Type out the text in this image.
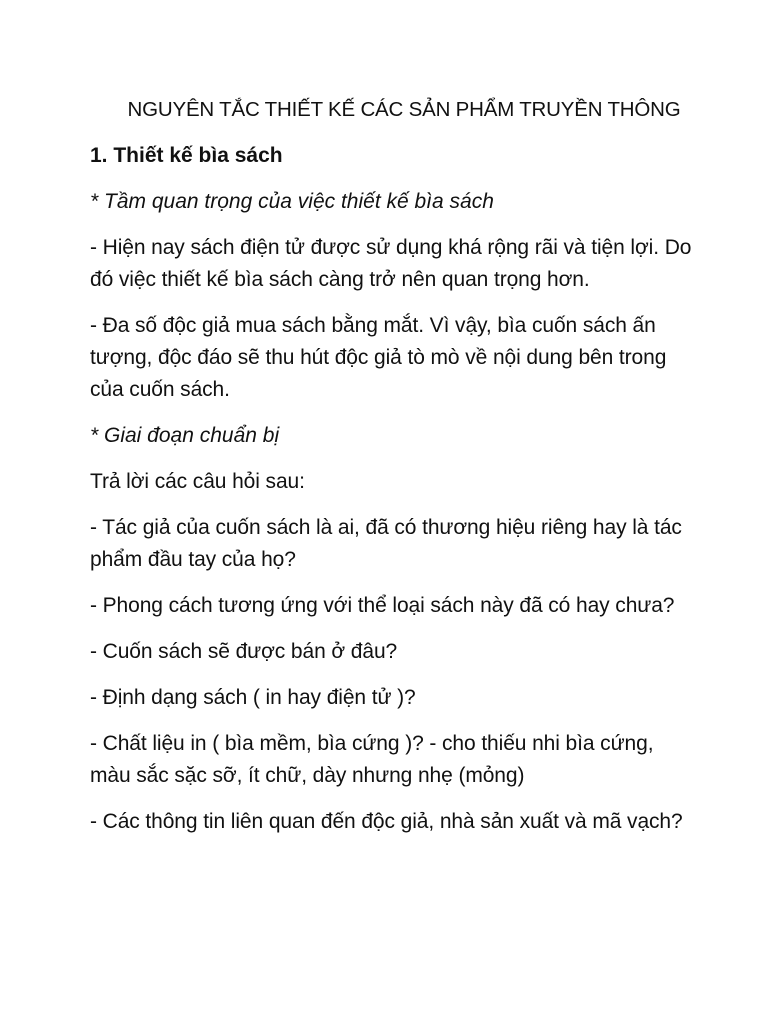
NGUYÊN TẮC THIẾT KẾ CÁC SẢN PHẨM TRUYỀN THÔNG
1. Thiết kế bìa sách

* Tầm quan trọng của việc thiết kế bìa sách

- Hiện nay sách điện tử được sử dụng khá rộng rãi và tiện lợi. Do đó việc thiết kế bìa sách càng trở nên quan trọng hơn.

- Đa số độc giả mua sách bằng mắt. Vì vậy, bìa cuốn sách ấn tượng, độc đáo sẽ thu hút độc giả tò mò về nội dung bên trong của cuốn sách.

* Giai đoạn chuẩn bị

Trả lời các câu hỏi sau:

- Tác giả của cuốn sách là ai, đã có thương hiệu riêng hay là tác phẩm đầu tay của họ?

- Phong cách tương ứng với thể loại sách này đã có hay chưa?

- Cuốn sách sẽ được bán ở đâu?

- Định dạng sách ( in hay điện tử )?

- Chất liệu in ( bìa mềm, bìa cứng )? - cho thiếu nhi bìa cứng, màu sắc sặc sỡ, ít chữ, dày nhưng nhẹ (mỏng)

- Các thông tin liên quan đến độc giả, nhà sản xuất và mã vạch?
